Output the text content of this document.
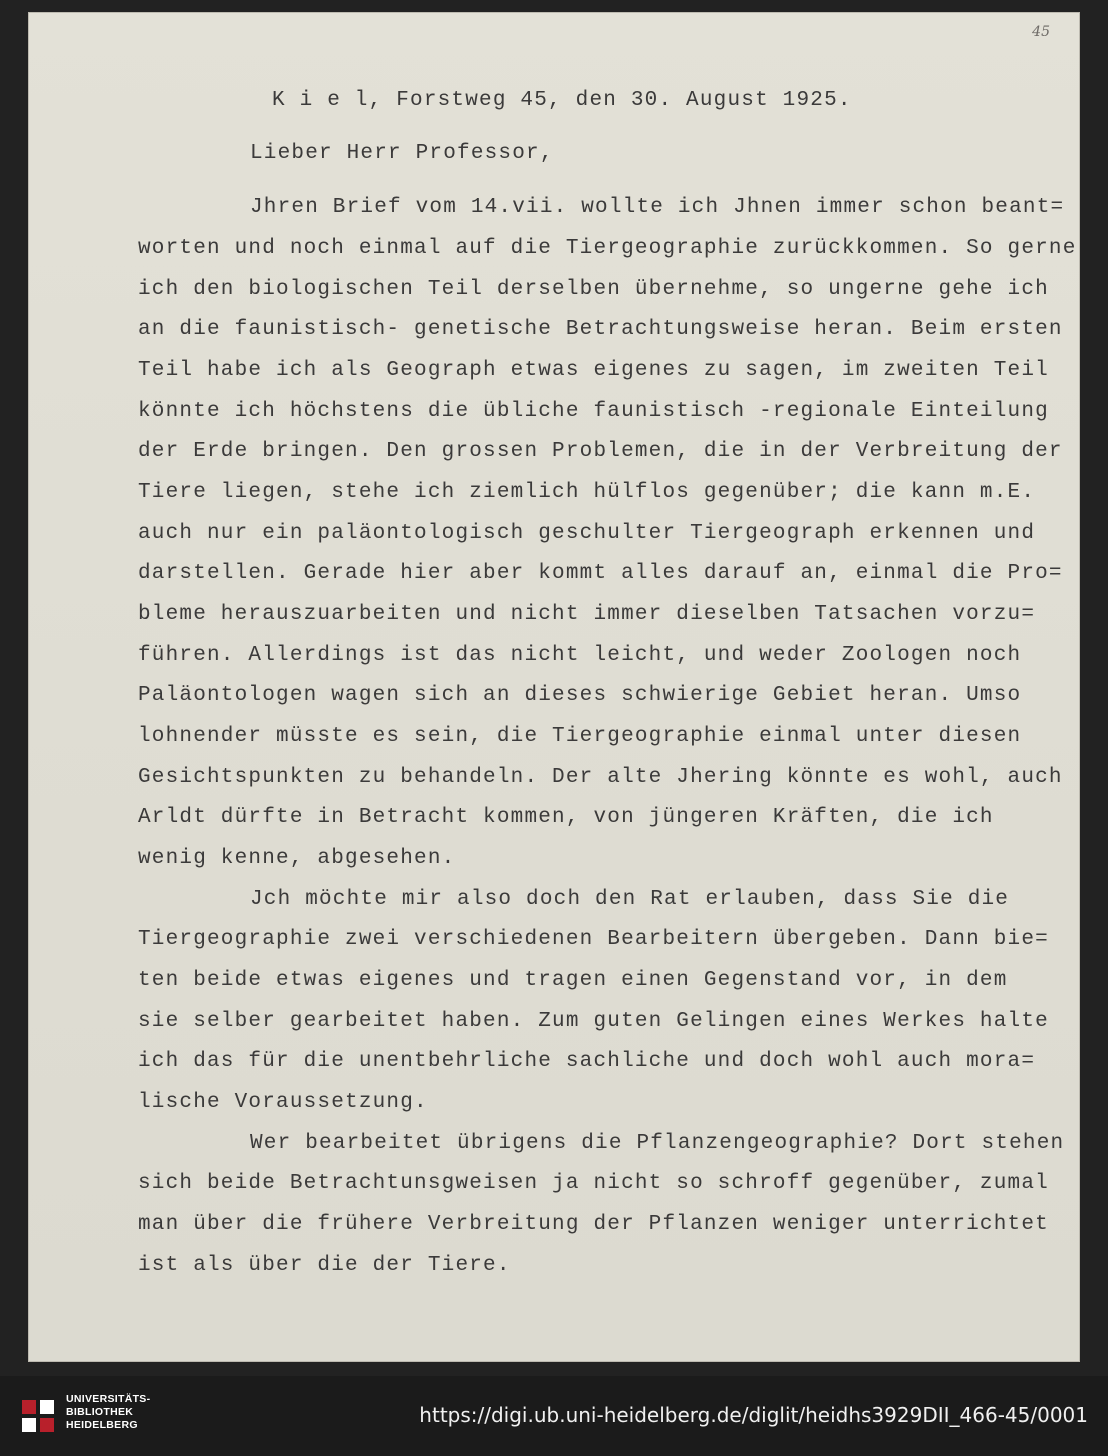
45
K i e l, Forstweg 45, den 30. August 1925.
Lieber Herr Professor,
Jhren Brief vom 14.vii. wollte ich Jhnen immer schon beant=
worten und noch einmal auf die Tiergeographie zurückkommen. So gerne
ich den biologischen Teil derselben übernehme, so ungerne gehe ich
an die faunistisch- genetische Betrachtungsweise heran. Beim ersten
Teil habe ich als Geograph etwas eigenes zu sagen, im zweiten Teil
könnte ich höchstens die übliche faunistisch -regionale Einteilung
der Erde bringen. Den grossen Problemen, die in der Verbreitung der
Tiere liegen, stehe ich ziemlich hülflos gegenüber; die kann m.E.
auch nur ein paläontologisch geschulter Tiergeograph erkennen und
darstellen. Gerade hier aber kommt alles darauf an, einmal die Pro=
bleme herauszuarbeiten und nicht immer dieselben Tatsachen vorzu=
führen. Allerdings ist das nicht leicht, und weder Zoologen noch
Paläontologen wagen sich an dieses schwierige Gebiet heran. Umso
lohnender müsste es sein, die Tiergeographie einmal unter diesen
Gesichtspunkten zu behandeln. Der alte Jhering könnte es wohl, auch
Arldt dürfte in Betracht kommen, von jüngeren Kräften, die ich
wenig kenne, abgesehen.
Jch möchte mir also doch den Rat erlauben, dass Sie die
Tiergeographie zwei verschiedenen Bearbeitern übergeben. Dann bie=
ten beide etwas eigenes und tragen einen Gegenstand vor, in dem
sie selber gearbeitet haben. Zum guten Gelingen eines Werkes halte
ich das für die unentbehrliche sachliche und doch wohl auch mora=
lische Voraussetzung.
Wer bearbeitet übrigens die Pflanzengeographie? Dort stehen
sich beide Betrachtunsgweisen ja nicht so schroff gegenüber, zumal
man über die frühere Verbreitung der Pflanzen weniger unterrichtet
ist als über die der Tiere.
UNIVERSITÄTS-
BIBLIOTHEK
HEIDELBERG	https://digi.ub.uni-heidelberg.de/diglit/heidhs3929DII_466-45/0001
